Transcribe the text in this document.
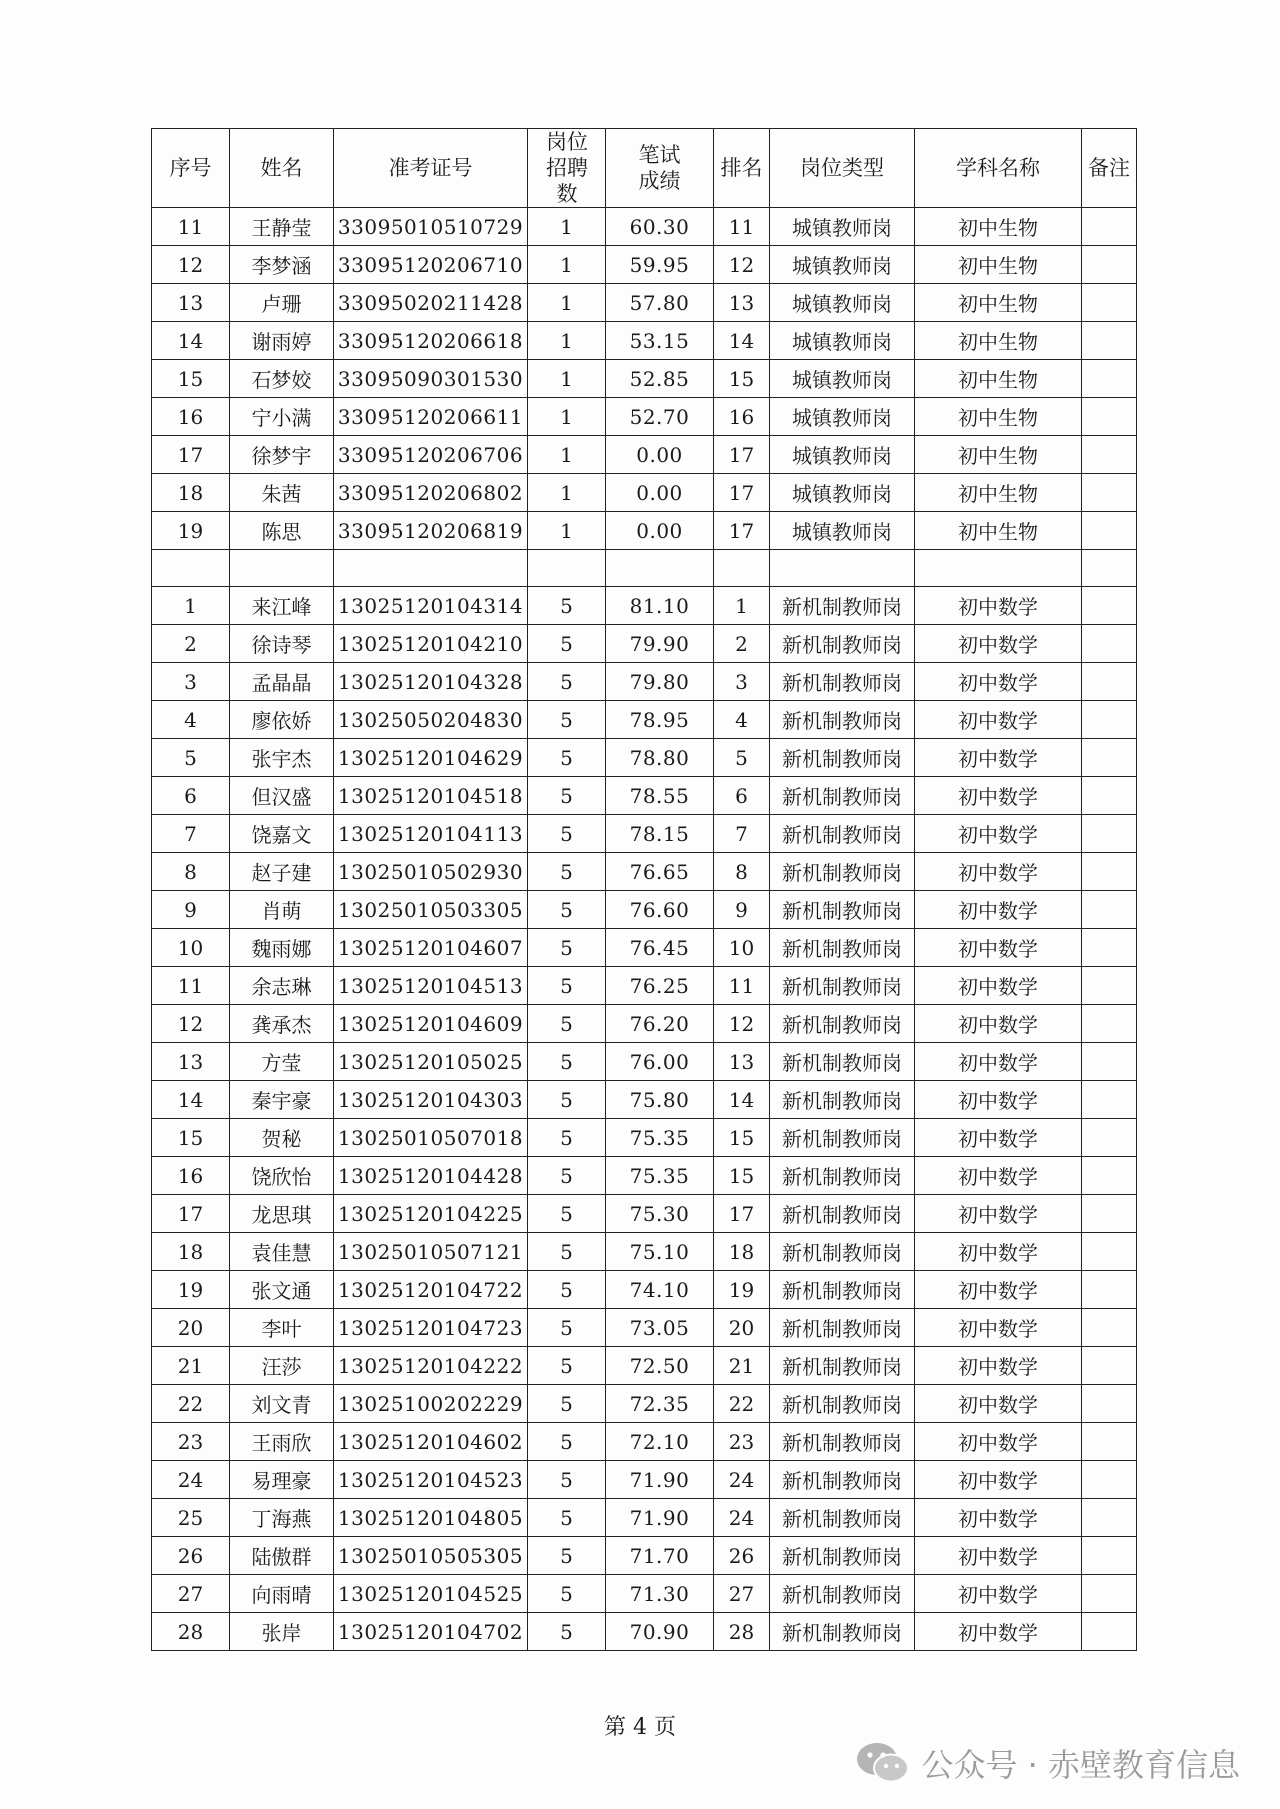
序号	姓名	准考证号	岗位招聘数	笔试成绩	排名	岗位类型	学科名称	备注
11	王静莹	33095010510729	1	60.30	11	城镇教师岗	初中生物	
12	李梦涵	33095120206710	1	59.95	12	城镇教师岗	初中生物	
13	卢珊	33095020211428	1	57.80	13	城镇教师岗	初中生物	
14	谢雨婷	33095120206618	1	53.15	14	城镇教师岗	初中生物	
15	石梦姣	33095090301530	1	52.85	15	城镇教师岗	初中生物	
16	宁小满	33095120206611	1	52.70	16	城镇教师岗	初中生物	
17	徐梦宇	33095120206706	1	0.00	17	城镇教师岗	初中生物	
18	朱茜	33095120206802	1	0.00	17	城镇教师岗	初中生物	
19	陈思	33095120206819	1	0.00	17	城镇教师岗	初中生物	

1	来江峰	13025120104314	5	81.10	1	新机制教师岗	初中数学	
2	徐诗琴	13025120104210	5	79.90	2	新机制教师岗	初中数学	
3	孟晶晶	13025120104328	5	79.80	3	新机制教师岗	初中数学	
4	廖依娇	13025050204830	5	78.95	4	新机制教师岗	初中数学	
5	张宇杰	13025120104629	5	78.80	5	新机制教师岗	初中数学	
6	但汉盛	13025120104518	5	78.55	6	新机制教师岗	初中数学	
7	饶嘉文	13025120104113	5	78.15	7	新机制教师岗	初中数学	
8	赵子建	13025010502930	5	76.65	8	新机制教师岗	初中数学	
9	肖萌	13025010503305	5	76.60	9	新机制教师岗	初中数学	
10	魏雨娜	13025120104607	5	76.45	10	新机制教师岗	初中数学	
11	余志琳	13025120104513	5	76.25	11	新机制教师岗	初中数学	
12	龚承杰	13025120104609	5	76.20	12	新机制教师岗	初中数学	
13	方莹	13025120105025	5	76.00	13	新机制教师岗	初中数学	
14	秦宇豪	13025120104303	5	75.80	14	新机制教师岗	初中数学	
15	贺秘	13025010507018	5	75.35	15	新机制教师岗	初中数学	
16	饶欣怡	13025120104428	5	75.35	15	新机制教师岗	初中数学	
17	龙思琪	13025120104225	5	75.30	17	新机制教师岗	初中数学	
18	袁佳慧	13025010507121	5	75.10	18	新机制教师岗	初中数学	
19	张文通	13025120104722	5	74.10	19	新机制教师岗	初中数学	
20	李叶	13025120104723	5	73.05	20	新机制教师岗	初中数学	
21	汪莎	13025120104222	5	72.50	21	新机制教师岗	初中数学	
22	刘文青	13025100202229	5	72.35	22	新机制教师岗	初中数学	
23	王雨欣	13025120104602	5	72.10	23	新机制教师岗	初中数学	
24	易理豪	13025120104523	5	71.90	24	新机制教师岗	初中数学	
25	丁海燕	13025120104805	5	71.90	24	新机制教师岗	初中数学	
26	陆傲群	13025010505305	5	71.70	26	新机制教师岗	初中数学	
27	向雨晴	13025120104525	5	71.30	27	新机制教师岗	初中数学	
28	张岸	13025120104702	5	70.90	28	新机制教师岗	初中数学	
第 4 页
公众号 · 赤壁教育信息
